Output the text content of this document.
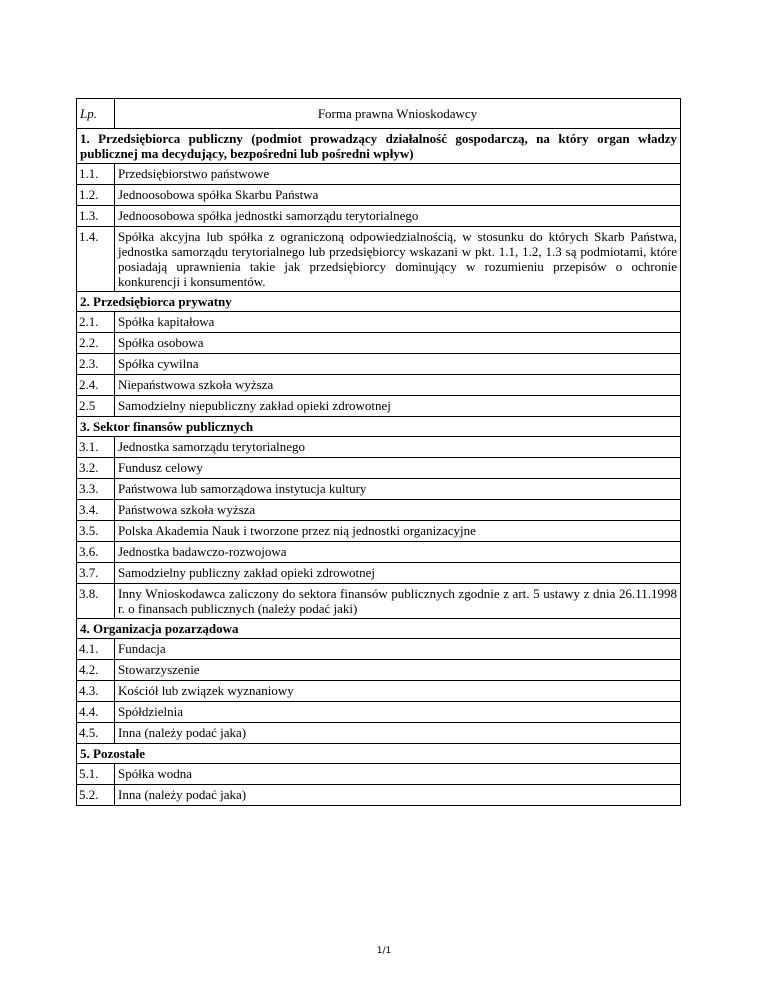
Lp.	Forma prawna Wnioskodawcy
1. Przedsiębiorca publiczny (podmiot prowadzący działalność gospodarczą, na który organ władzy publicznej ma decydujący, bezpośredni lub pośredni wpływ)	
1.1.	Przedsiębiorstwo państwowe
1.2.	Jednoosobowa spółka Skarbu Państwa
1.3.	Jednoosobowa spółka jednostki samorządu terytorialnego
1.4.	Spółka akcyjna lub spółka z ograniczoną odpowiedzialnością, w stosunku do których Skarb Państwa, jednostka samorządu terytorialnego lub przedsiębiorcy wskazani w pkt. 1.1, 1.2, 1.3 są podmiotami, które posiadają uprawnienia takie jak przedsiębiorcy dominujący w rozumieniu przepisów o ochronie konkurencji i konsumentów.
2. Przedsiębiorca prywatny	
2.1.	Spółka kapitałowa
2.2.	Spółka osobowa
2.3.	Spółka cywilna
2.4.	Niepaństwowa szkoła wyższa
2.5	Samodzielny niepubliczny zakład opieki zdrowotnej
3. Sektor finansów publicznych	
3.1.	Jednostka samorządu terytorialnego
3.2.	Fundusz celowy
3.3.	Państwowa lub samorządowa instytucja kultury
3.4.	Państwowa szkoła wyższa
3.5.	Polska Akademia Nauk i tworzone przez nią jednostki organizacyjne
3.6.	Jednostka badawczo-rozwojowa
3.7.	Samodzielny publiczny zakład opieki zdrowotnej
3.8.	Inny Wnioskodawca zaliczony do sektora finansów publicznych zgodnie z art. 5 ustawy z dnia 26.11.1998 r. o finansach publicznych (należy podać jaki)
4. Organizacja pozarządowa	
4.1.	Fundacja
4.2.	Stowarzyszenie
4.3.	Kościół lub związek wyznaniowy
4.4.	Spółdzielnia
4.5.	Inna (należy podać jaka)
5. Pozostałe	
5.1.	Spółka wodna
5.2.	Inna (należy podać jaka)
1/1
